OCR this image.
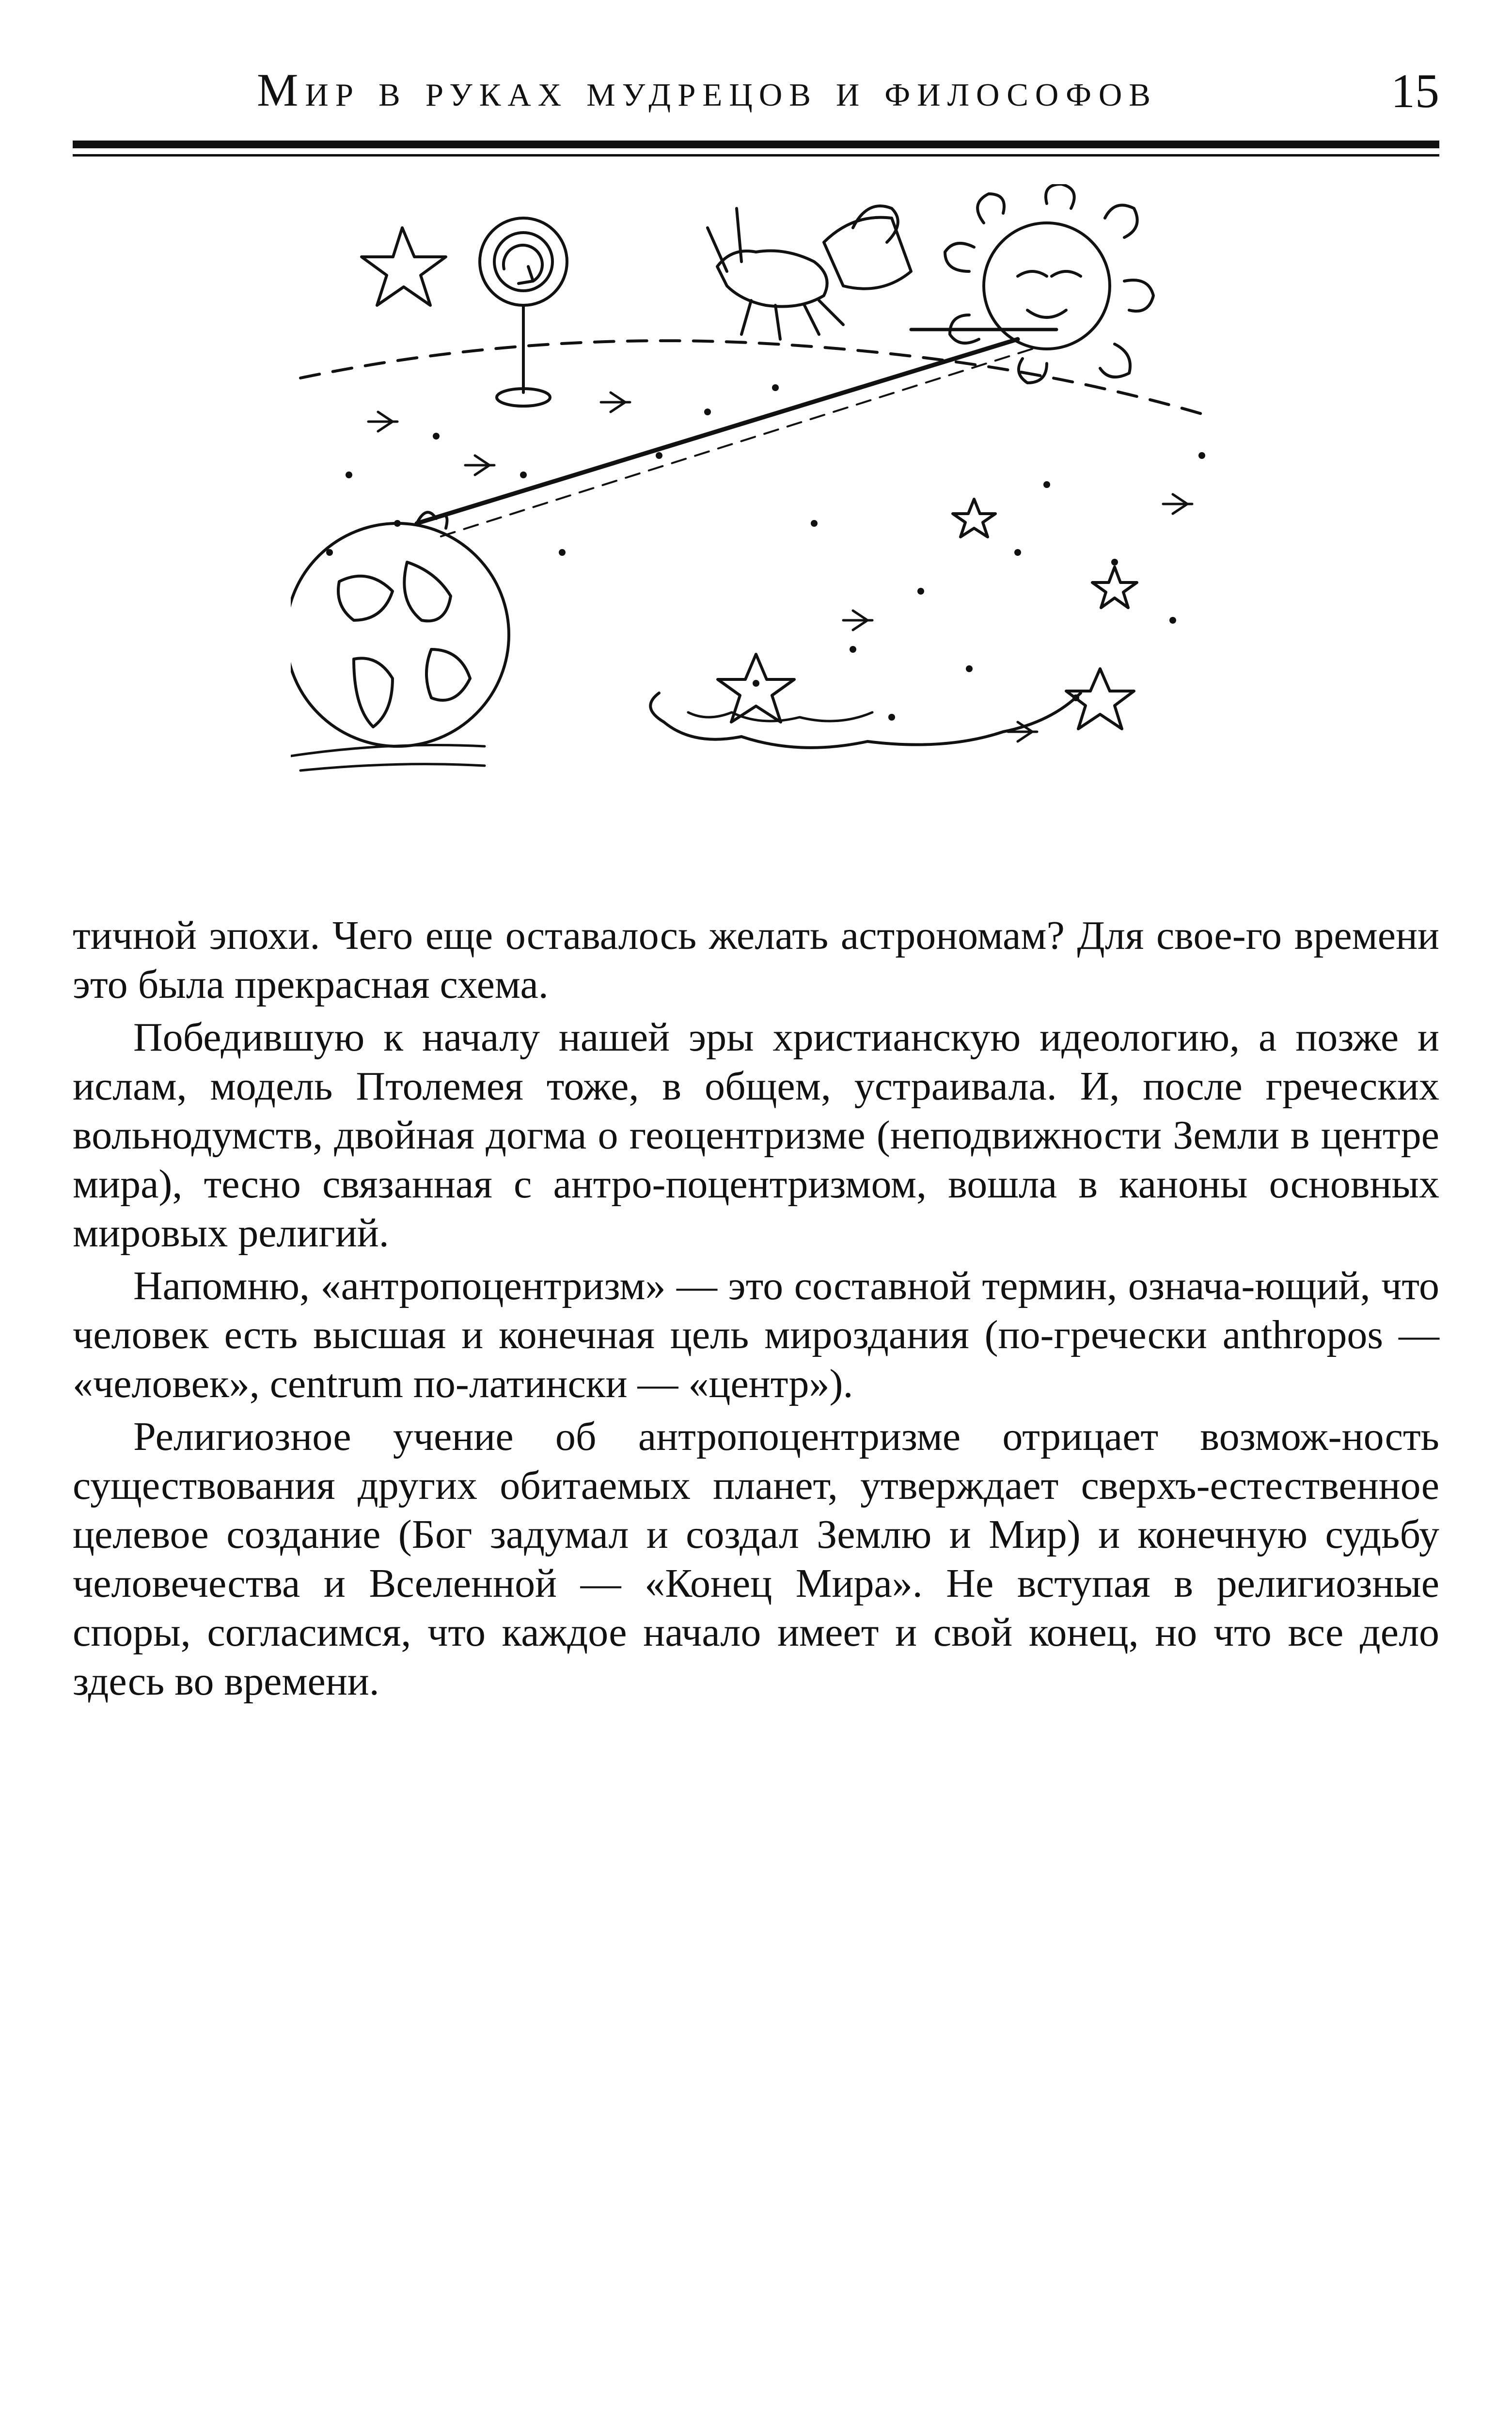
Мир в руках мудрецов и философов	15

тичной эпохи. Чего еще оставалось желать астрономам? Для свое-го времени это была прекрасная схема.

Победившую к началу нашей эры христианскую идеологию, а позже и ислам, модель Птолемея тоже, в общем, устраивала. И, после греческих вольнодумств, двойная догма о геоцентризме (неподвижности Земли в центре мира), тесно связанная с антро-поцентризмом, вошла в каноны основных мировых религий.

Напомню, «антропоцентризм» — это составной термин, означа-ющий, что человек есть высшая и конечная цель мироздания (по-гречески anthropos — «человек», centrum по-латински — «центр»).

Религиозное учение об антропоцентризме отрицает возмож-ность существования других обитаемых планет, утверждает сверхъ-естественное целевое создание (Бог задумал и создал Землю и Мир) и конечную судьбу человечества и Вселенной — «Конец Мира». Не вступая в религиозные споры, согласимся, что каждое начало имеет и свой конец, но что все дело здесь во времени.
